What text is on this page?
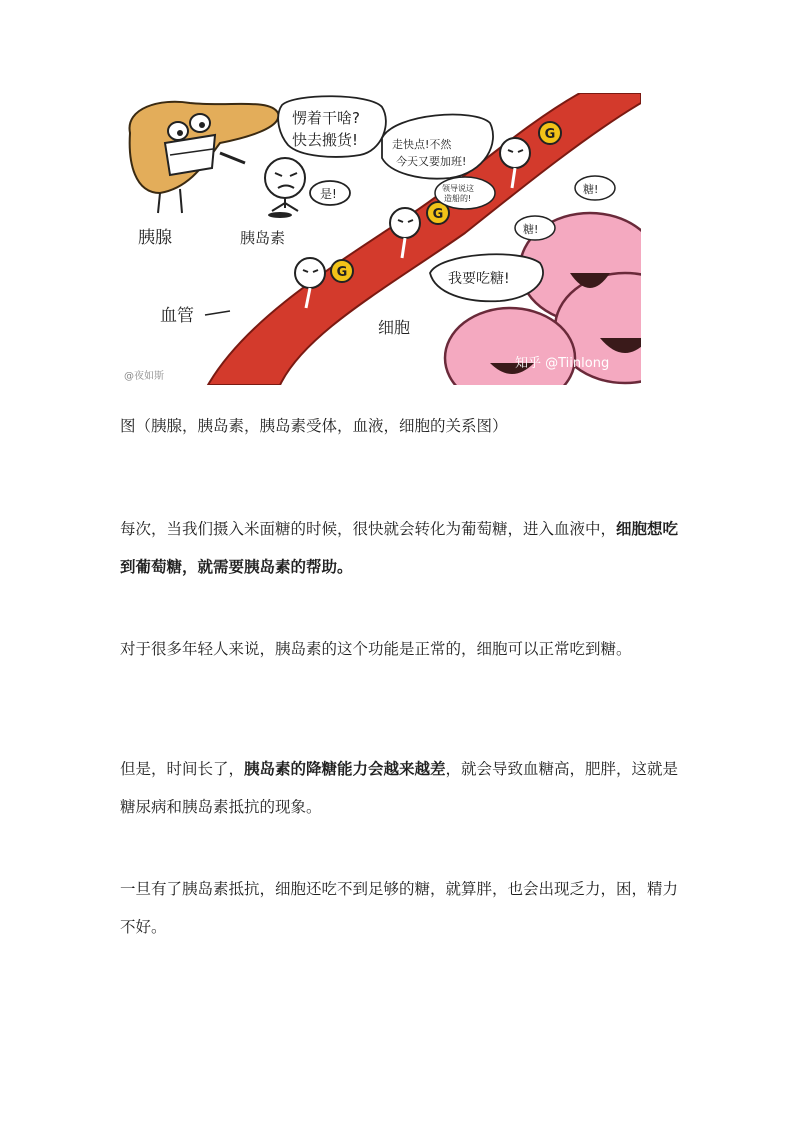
G
G
G
愣着干啥?
快去搬货!
是!
走快点!不然
今天又要加班!
领导说这
造船的!
我要吃糖!
糖!
糖!
胰腺	胰岛素
血管
细胞
知乎 @Tiinlong
@夜如斯
图（胰腺，胰岛素，胰岛素受体，血液，细胞的关系图）

每次，当我们摄入米面糖的时候，很快就会转化为葡萄糖，进入血液中，细胞想吃到葡萄糖，就需要胰岛素的帮助。

对于很多年轻人来说，胰岛素的这个功能是正常的，细胞可以正常吃到糖。

但是，时间长了，胰岛素的降糖能力会越来越差，就会导致血糖高，肥胖，这就是糖尿病和胰岛素抵抗的现象。

一旦有了胰岛素抵抗，细胞还吃不到足够的糖，就算胖，也会出现乏力，困，精力不好。
